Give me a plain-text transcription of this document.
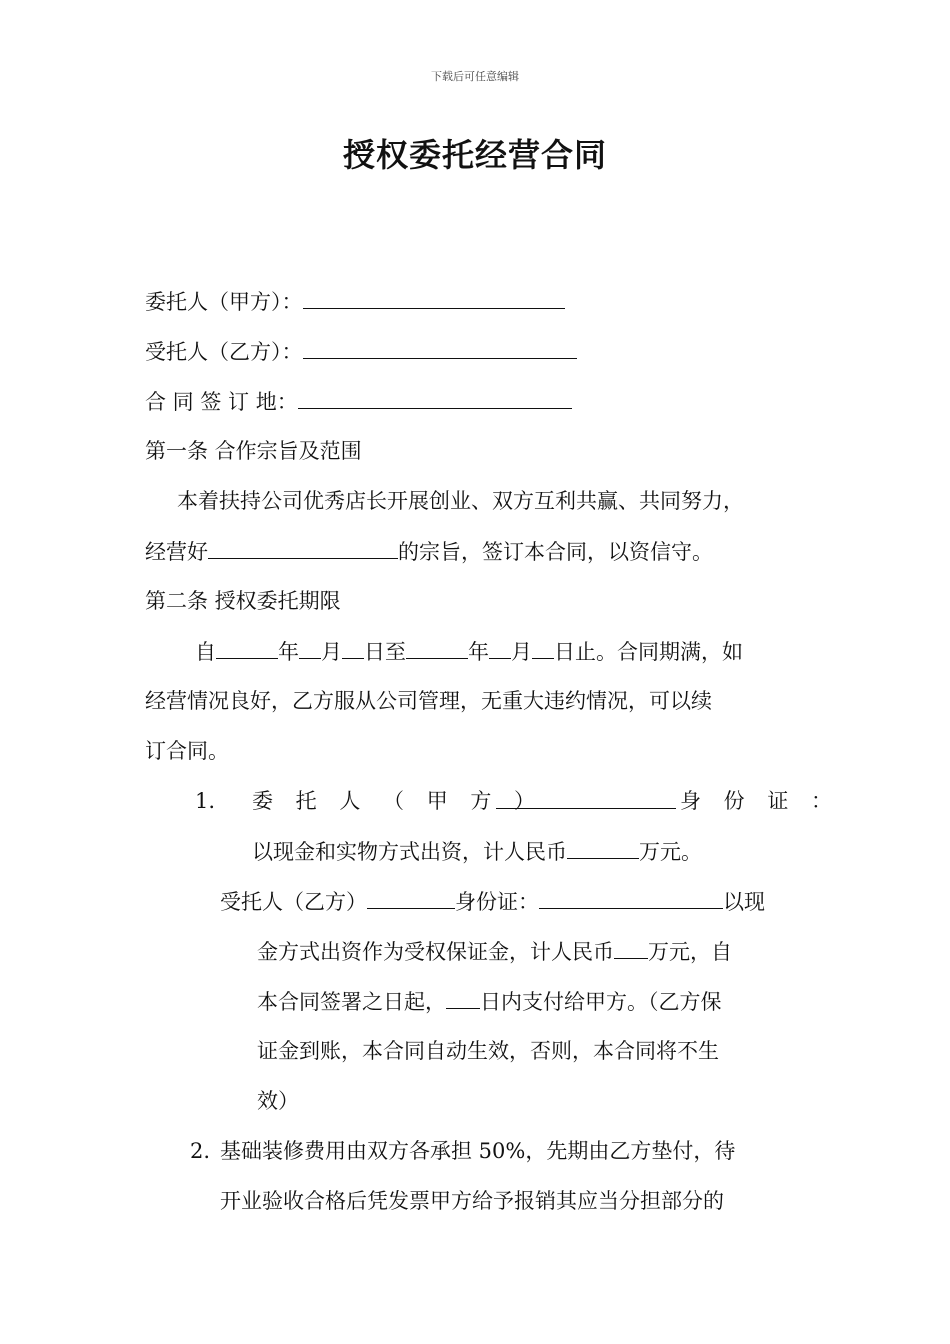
下载后可任意编辑
授权委托经营合同
委托人（甲方）：
受托人（乙方）：
合 同 签 订 地：
第一条 合作宗旨及范围
本着扶持公司优秀店长开展创业、双方互利共赢、共同努力，
经营好	的宗旨，签订本合同，以资信守。
第二条 授权委托期限
自	年 月 日至	年 月 日止。合同期满，如
经营情况良好，乙方服从公司管理，无重大违约情况，可以续
订合同。
1. 委 托 人 （ 甲 方 ）	身 份 证 ：
以现金和实物方式出资，计人民币	万元。
受托人（乙方）	身份证：	以现
金方式出资作为受权保证金，计人民币 万元，自
本合同签署之日起， 日内支付给甲方。（乙方保
证金到账，本合同自动生效，否则，本合同将不生
效）
2. 基础装修费用由双方各承担 50%，先期由乙方垫付，待
开业验收合格后凭发票甲方给予报销其应当分担部分的
